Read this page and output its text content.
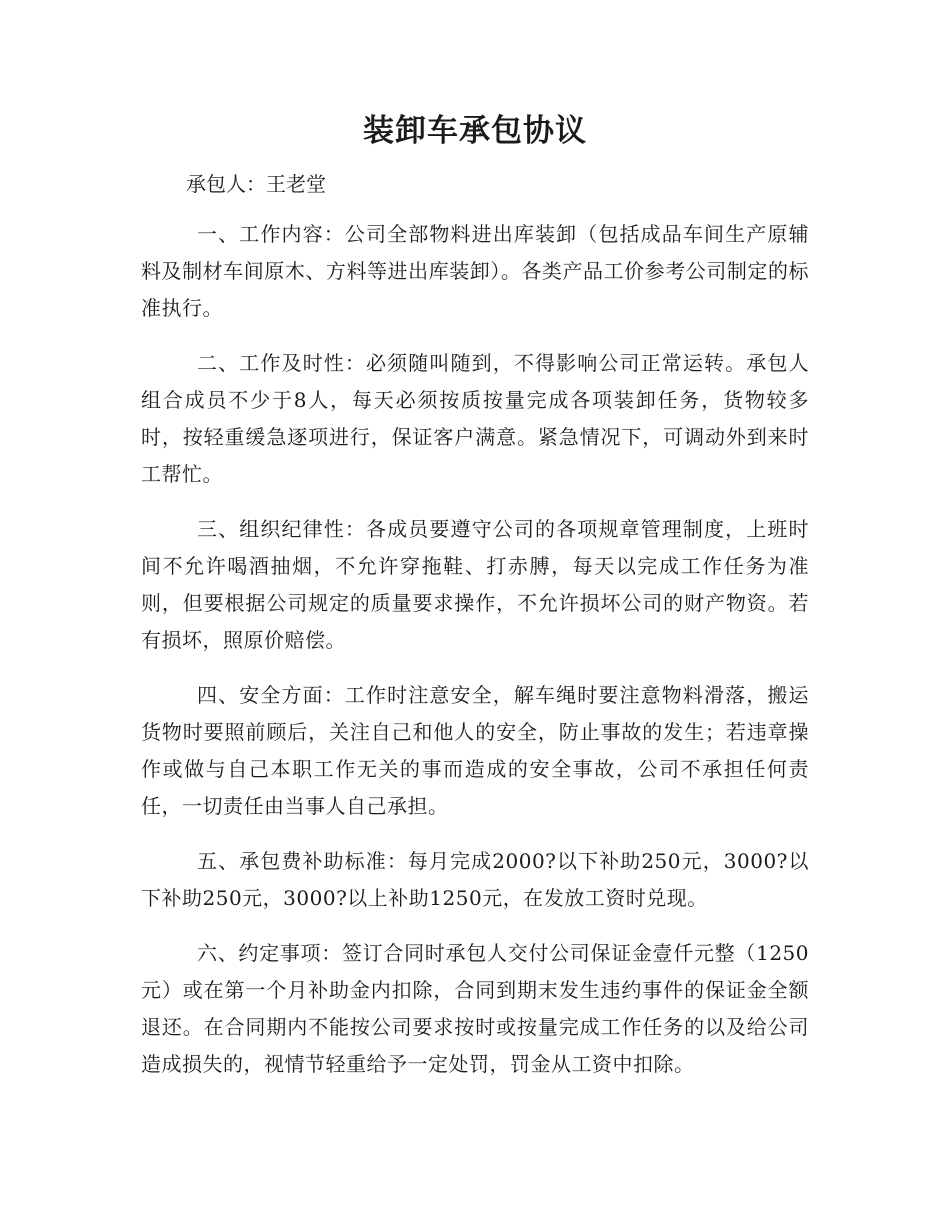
装卸车承包协议
承包人：王老堂

一、工作内容：公司全部物料进出库装卸（包括成品车间生产原辅料及制材车间原木、方料等进出库装卸）。各类产品工价参考公司制定的标准执行。

二、工作及时性：必须随叫随到，不得影响公司正常运转。承包人组合成员不少于8人，每天必须按质按量完成各项装卸任务，货物较多时，按轻重缓急逐项进行，保证客户满意。紧急情况下，可调动外到来时工帮忙。

三、组织纪律性：各成员要遵守公司的各项规章管理制度，上班时间不允许喝酒抽烟，不允许穿拖鞋、打赤膊，每天以完成工作任务为准则，但要根据公司规定的质量要求操作，不允许损坏公司的财产物资。若有损坏，照原价赔偿。

四、安全方面：工作时注意安全，解车绳时要注意物料滑落，搬运货物时要照前顾后，关注自己和他人的安全，防止事故的发生；若违章操作或做与自己本职工作无关的事而造成的安全事故，公司不承担任何责任，一切责任由当事人自己承担。

五、承包费补助标准：每月完成2000?以下补助250元，3000?以下补助250元，3000?以上补助1250元，在发放工资时兑现。

六、约定事项：签订合同时承包人交付公司保证金壹仟元整（1250元）或在第一个月补助金内扣除，合同到期末发生违约事件的保证金全额退还。在合同期内不能按公司要求按时或按量完成工作任务的以及给公司造成损失的，视情节轻重给予一定处罚，罚金从工资中扣除。
